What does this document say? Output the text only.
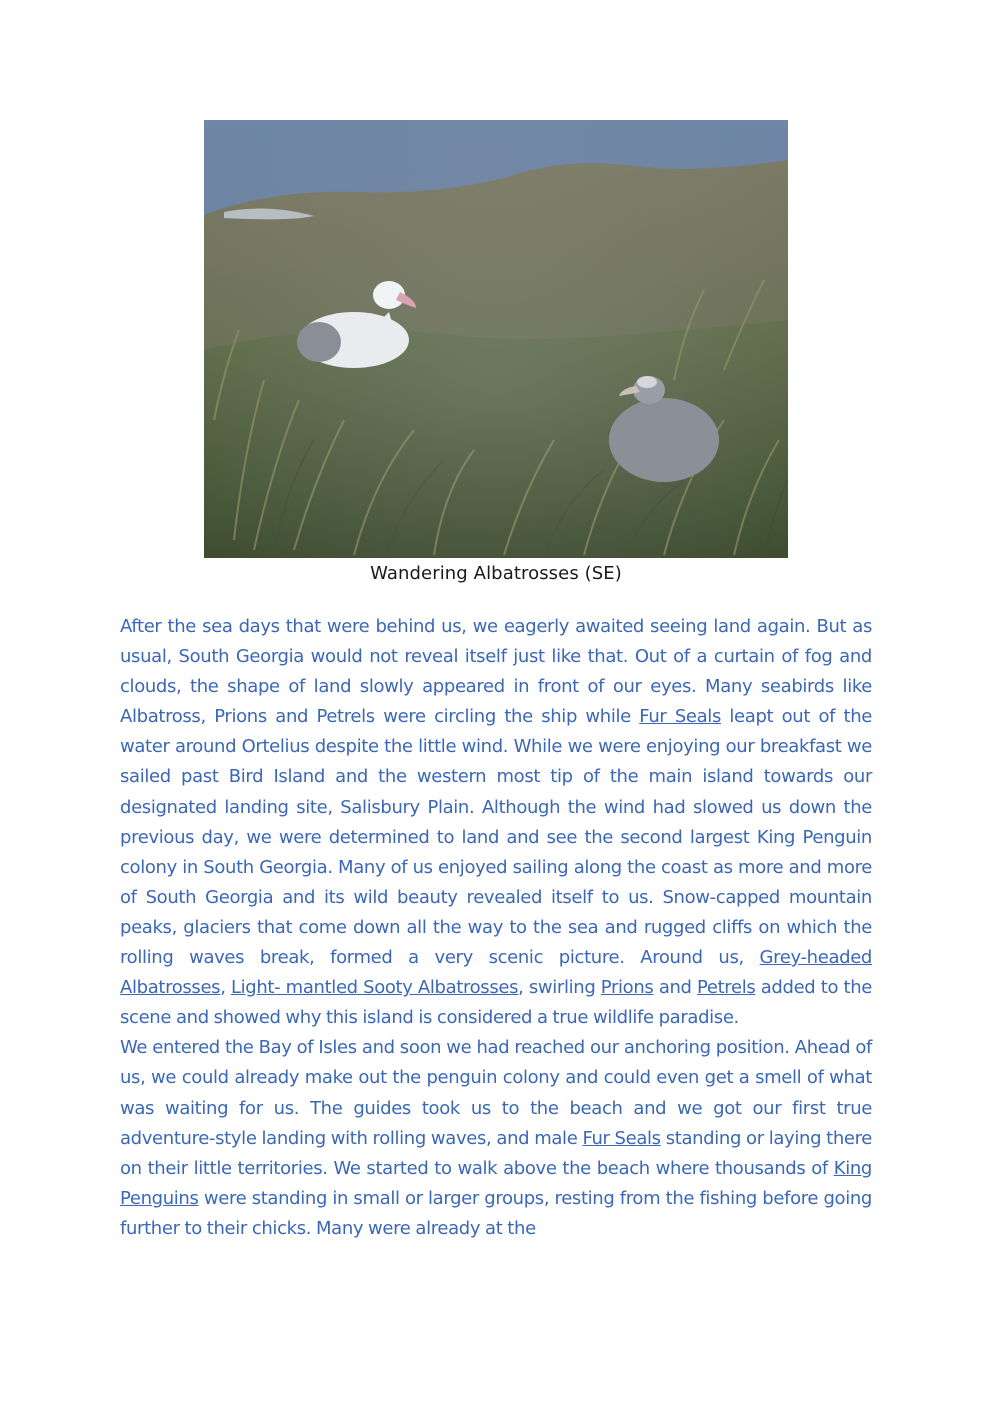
Wandering Albatrosses (SE)

After the sea days that were behind us, we eagerly awaited seeing land again. But as usual, South Georgia would not reveal itself just like that. Out of a curtain of fog and clouds, the shape of land slowly appeared in front of our eyes. Many seabirds like Albatross, Prions and Petrels were circling the ship while Fur Seals leapt out of the water around Ortelius despite the little wind. While we were enjoying our breakfast we sailed past Bird Island and the western most tip of the main island towards our designated landing site, Salisbury Plain. Although the wind had slowed us down the previous day, we were determined to land and see the second largest King Penguin colony in South Georgia. Many of us enjoyed sailing along the coast as more and more of South Georgia and its wild beauty revealed itself to us. Snow-capped mountain peaks, glaciers that come down all the way to the sea and rugged cliffs on which the rolling waves break, formed a very scenic picture. Around us, Grey-headed Albatrosses, Light- mantled Sooty Albatrosses, swirling Prions and Petrels added to the scene and showed why this island is considered a true wildlife paradise.

We entered the Bay of Isles and soon we had reached our anchoring position. Ahead of us, we could already make out the penguin colony and could even get a smell of what was waiting for us. The guides took us to the beach and we got our first true adventure-style landing with rolling waves, and male Fur Seals standing or laying there on their little territories. We started to walk above the beach where thousands of King Penguins were standing in small or larger groups, resting from the fishing before going further to their chicks. Many were already at the
